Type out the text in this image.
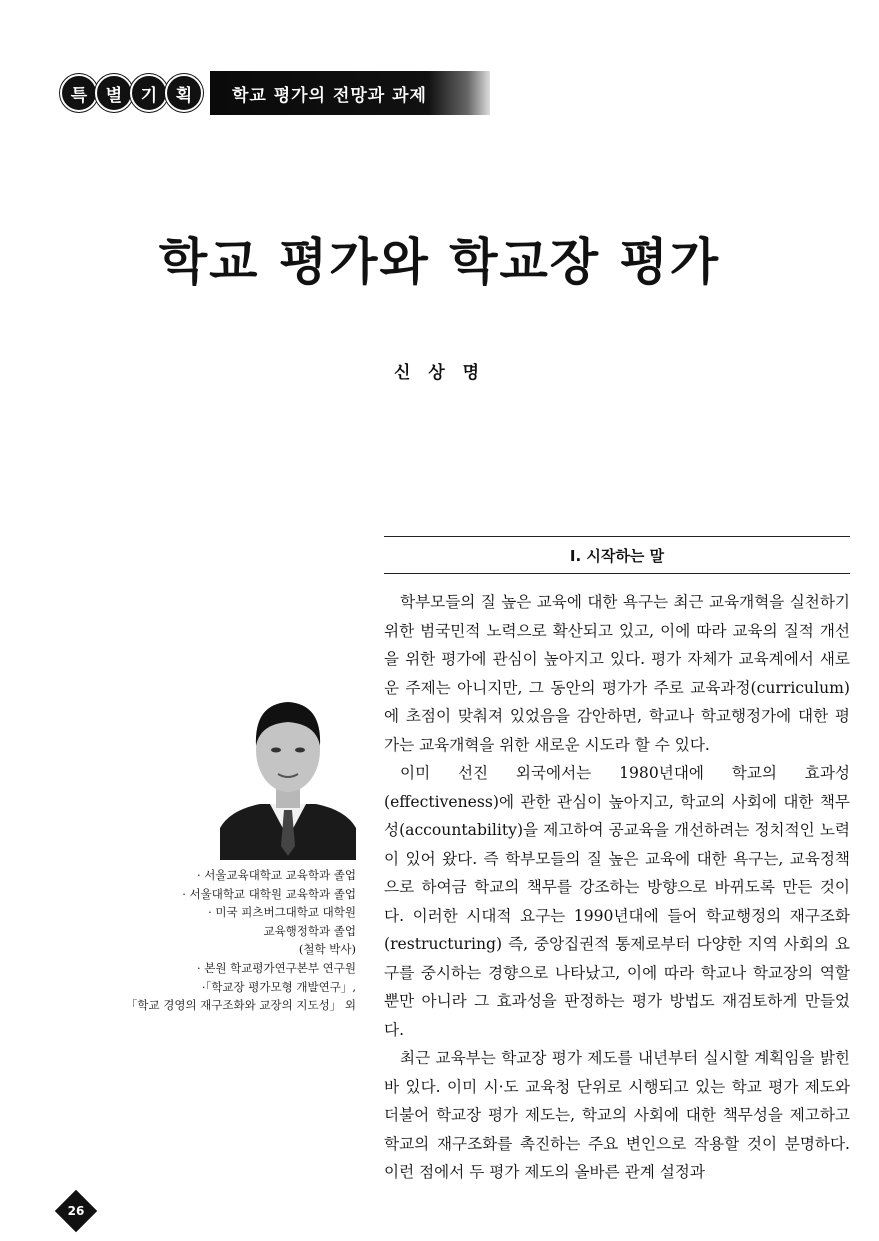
특	별	기	획	학교 평가의 전망과 과제
학교 평가와 학교장 평가
신 상 명
Ⅰ. 시작하는 말

학부모들의 질 높은 교육에 대한 욕구는 최근 교육개혁을 실천하기 위한 범국민적 노력으로 확산되고 있고, 이에 따라 교육의 질적 개선을 위한 평가에 관심이 높아지고 있다. 평가 자체가 교육계에서 새로운 주제는 아니지만, 그 동안의 평가가 주로 교육과정(curriculum)에 초점이 맞춰져 있었음을 감안하면, 학교나 학교행정가에 대한 평가는 교육개혁을 위한 새로운 시도라 할 수 있다.

이미 선진 외국에서는 1980년대에 학교의 효과성(effectiveness)에 관한 관심이 높아지고, 학교의 사회에 대한 책무성(accountability)을 제고하여 공교육을 개선하려는 정치적인 노력이 있어 왔다. 즉 학부모들의 질 높은 교육에 대한 욕구는, 교육정책으로 하여금 학교의 책무를 강조하는 방향으로 바뀌도록 만든 것이다. 이러한 시대적 요구는 1990년대에 들어 학교행정의 재구조화(restructuring) 즉, 중앙집권적 통제로부터 다양한 지역 사회의 요구를 중시하는 경향으로 나타났고, 이에 따라 학교나 학교장의 역할뿐만 아니라 그 효과성을 판정하는 평가 방법도 재검토하게 만들었다.

최근 교육부는 학교장 평가 제도를 내년부터 실시할 계획임을 밝힌 바 있다. 이미 시·도 교육청 단위로 시행되고 있는 학교 평가 제도와 더불어 학교장 평가 제도는, 학교의 사회에 대한 책무성을 제고하고 학교의 재구조화를 촉진하는 주요 변인으로 작용할 것이 분명하다. 이런 점에서 두 평가 제도의 올바른 관계 설정과

· 서울교육대학교 교육학과 졸업
· 서울대학교 대학원 교육학과 졸업
· 미국 피츠버그대학교 대학원
교육행정학과 졸업
(철학 박사)
· 본원 학교평가연구본부 연구원
·「학교장 평가모형 개발연구」,
「학교 경영의 재구조화와 교장의 지도성」 외
26
